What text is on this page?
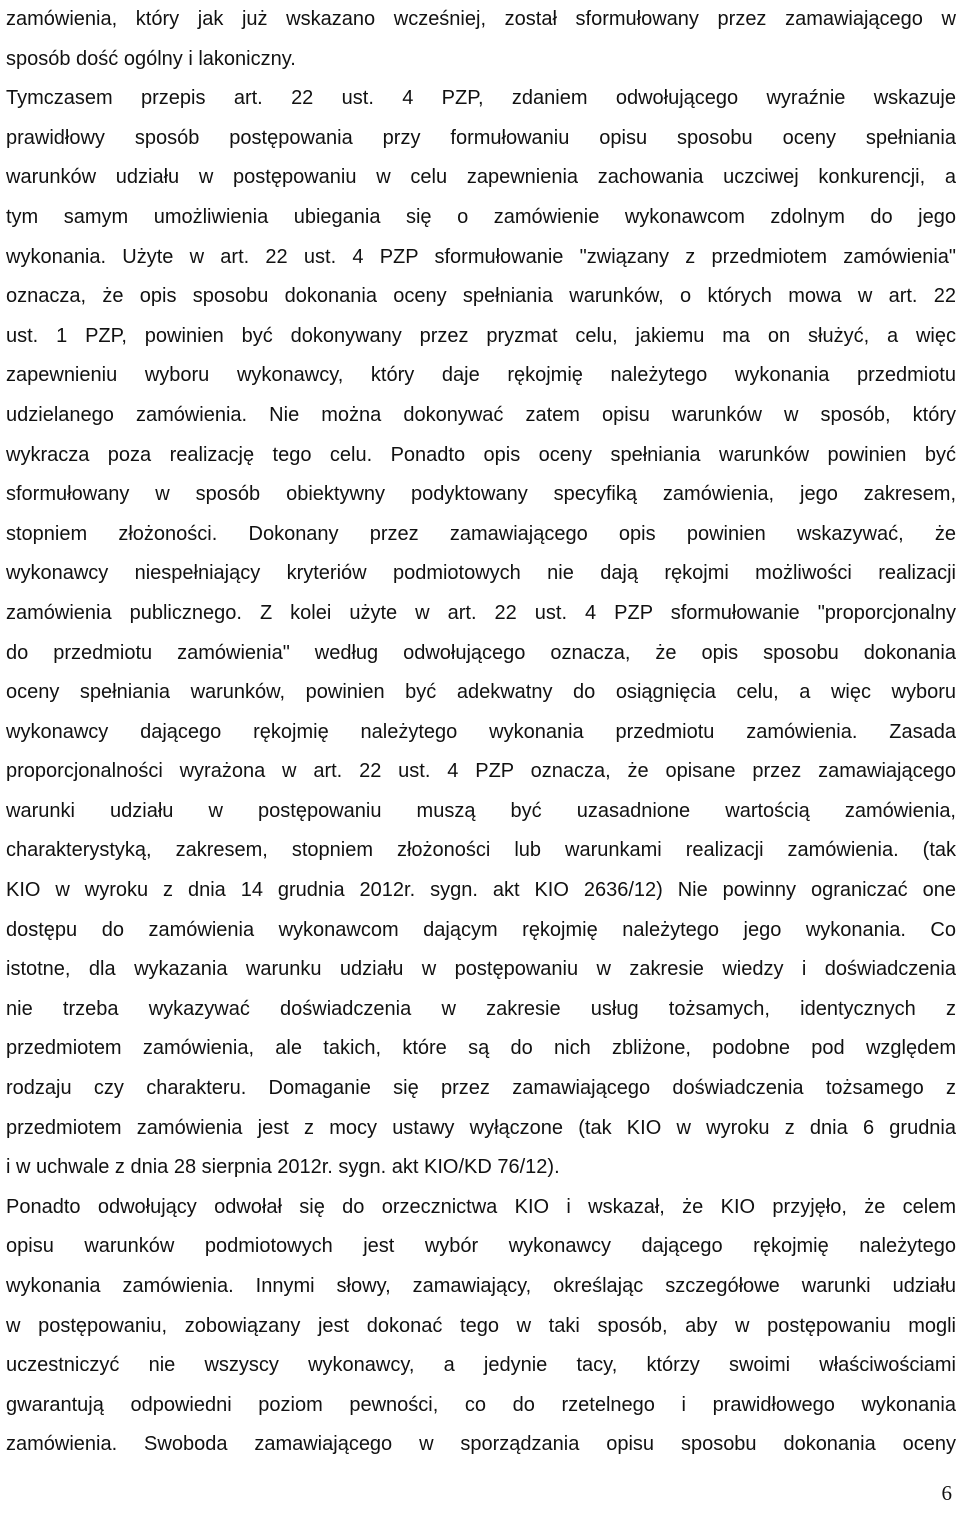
zamówienia, który jak już wskazano wcześniej, został sformułowany przez zamawiającego w
sposób dość ogólny i lakoniczny.
Tymczasem przepis art. 22 ust. 4 PZP, zdaniem odwołującego wyraźnie wskazuje
prawidłowy sposób postępowania przy formułowaniu opisu sposobu oceny spełniania
warunków udziału w postępowaniu w celu zapewnienia zachowania uczciwej konkurencji, a
tym samym umożliwienia ubiegania się o zamówienie wykonawcom zdolnym do jego
wykonania. Użyte w art. 22 ust. 4 PZP sformułowanie "związany z przedmiotem zamówienia"
oznacza, że opis sposobu dokonania oceny spełniania warunków, o których mowa w art. 22
ust. 1 PZP, powinien być dokonywany przez pryzmat celu, jakiemu ma on służyć, a więc
zapewnieniu wyboru wykonawcy, który daje rękojmię należytego wykonania przedmiotu
udzielanego zamówienia. Nie można dokonywać zatem opisu warunków w sposób, który
wykracza poza realizację tego celu. Ponadto opis oceny spełniania warunków powinien być
sformułowany w sposób obiektywny podyktowany specyfiką zamówienia, jego zakresem,
stopniem złożoności. Dokonany przez zamawiającego opis powinien wskazywać, że
wykonawcy niespełniający kryteriów podmiotowych nie dają rękojmi możliwości realizacji
zamówienia publicznego. Z kolei użyte w art. 22 ust. 4 PZP sformułowanie "proporcjonalny
do przedmiotu zamówienia" według odwołującego oznacza, że opis sposobu dokonania
oceny spełniania warunków, powinien być adekwatny do osiągnięcia celu, a więc wyboru
wykonawcy dającego rękojmię należytego wykonania przedmiotu zamówienia. Zasada
proporcjonalności wyrażona w art. 22 ust. 4 PZP oznacza, że opisane przez zamawiającego
warunki udziału w postępowaniu muszą być uzasadnione wartością zamówienia,
charakterystyką, zakresem, stopniem złożoności lub warunkami realizacji zamówienia. (tak
KIO w wyroku z dnia 14 grudnia 2012r. sygn. akt KIO 2636/12) Nie powinny ograniczać one
dostępu do zamówienia wykonawcom dającym rękojmię należytego jego wykonania. Co
istotne, dla wykazania warunku udziału w postępowaniu w zakresie wiedzy i doświadczenia
nie trzeba wykazywać doświadczenia w zakresie usług tożsamych, identycznych z
przedmiotem zamówienia, ale takich, które są do nich zbliżone, podobne pod względem
rodzaju czy charakteru. Domaganie się przez zamawiającego doświadczenia tożsamego z
przedmiotem zamówienia jest z mocy ustawy wyłączone (tak KIO w wyroku z dnia 6 grudnia
i w uchwale z dnia 28 sierpnia 2012r. sygn. akt KIO/KD 76/12).
Ponadto odwołujący odwołał się do orzecznictwa KIO i wskazał, że KIO przyjęło, że celem
opisu warunków podmiotowych jest wybór wykonawcy dającego rękojmię należytego
wykonania zamówienia. Innymi słowy, zamawiający, określając szczegółowe warunki udziału
w postępowaniu, zobowiązany jest dokonać tego w taki sposób, aby w postępowaniu mogli
uczestniczyć nie wszyscy wykonawcy, a jedynie tacy, którzy swoimi właściwościami
gwarantują odpowiedni poziom pewności, co do rzetelnego i prawidłowego wykonania
zamówienia. Swoboda zamawiającego w sporządzania opisu sposobu dokonania oceny
6
